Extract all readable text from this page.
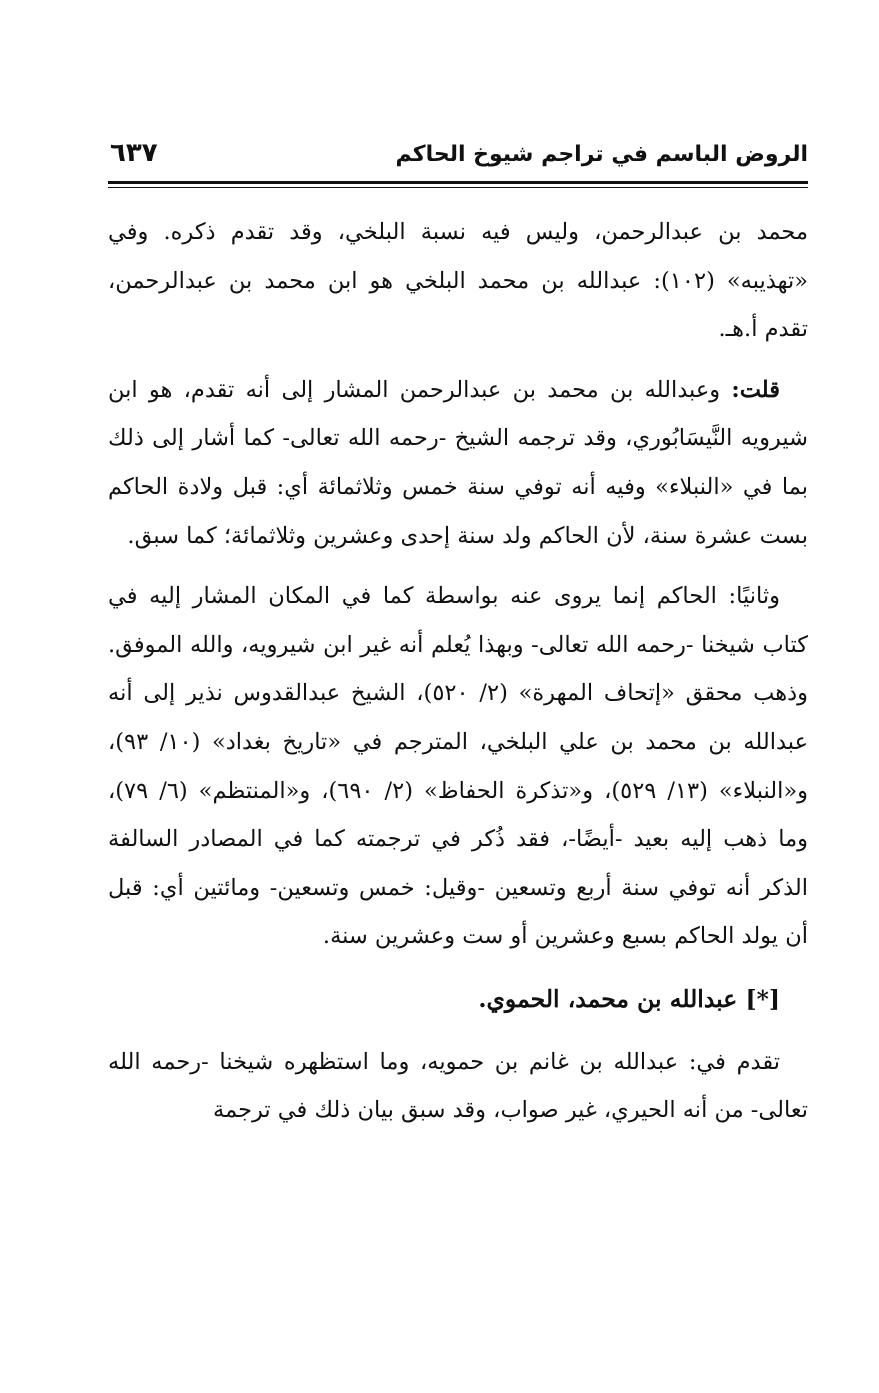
الروض الباسم في تراجم شيوخ الحاكم
٦٣٧

محمد بن عبدالرحمن، وليس فيه نسبة البلخي، وقد تقدم ذكره. وفي «تهذيبه» (١٠٢): عبدالله بن محمد البلخي هو ابن محمد بن عبدالرحمن، تقدم أ.هـ.

قلت: وعبدالله بن محمد بن عبدالرحمن المشار إلى أنه تقدم، هو ابن شيرويه النَّيسَابُوري، وقد ترجمه الشيخ -رحمه الله تعالى- كما أشار إلى ذلك بما في «النبلاء» وفيه أنه توفي سنة خمس وثلاثمائة أي: قبل ولادة الحاكم بست عشرة سنة، لأن الحاكم ولد سنة إحدى وعشرين وثلاثمائة؛ كما سبق.

وثانيًا: الحاكم إنما يروى عنه بواسطة كما في المكان المشار إليه في كتاب شيخنا -رحمه الله تعالى- وبهذا يُعلم أنه غير ابن شيرويه، والله الموفق. وذهب محقق «إتحاف المهرة» (٢/ ٥٢٠)، الشيخ عبدالقدوس نذير إلى أنه عبدالله بن محمد بن علي البلخي، المترجم في «تاريخ بغداد» (١٠/ ٩٣)، و«النبلاء» (١٣/ ٥٢٩)، و«تذكرة الحفاظ» (٢/ ٦٩٠)، و«المنتظم» (٦/ ٧٩)، وما ذهب إليه بعيد -أيضًا-، فقد ذُكر في ترجمته كما في المصادر السالفة الذكر أنه توفي سنة أربع وتسعين -وقيل: خمس وتسعين- ومائتين أي: قبل أن يولد الحاكم بسبع وعشرين أو ست وعشرين سنة.

[*] عبدالله بن محمد، الحموي.

تقدم في: عبدالله بن غانم بن حمويه، وما استظهره شيخنا -رحمه الله تعالى- من أنه الحيري، غير صواب، وقد سبق بيان ذلك في ترجمة
